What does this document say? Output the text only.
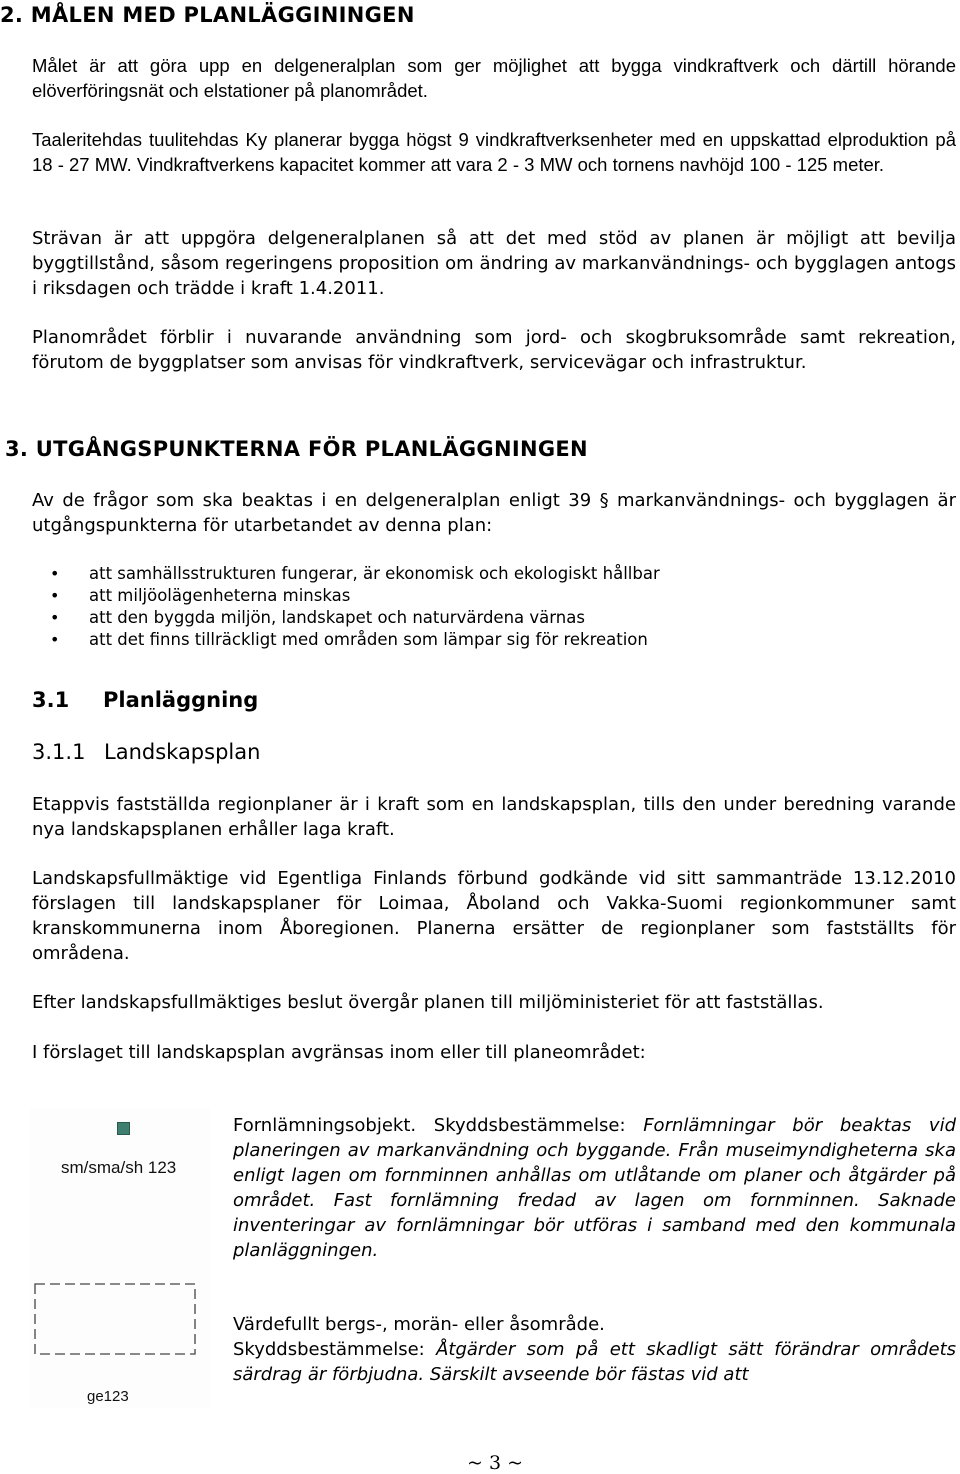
2. MÅLEN MED PLANLÄGGININGEN
Målet är att göra upp en delgeneralplan som ger möjlighet att bygga vindkraftverk och därtill hörande elöverföringsnät och elstationer på planområdet.
Taaleritehdas tuulitehdas Ky planerar bygga högst 9 vindkraftverksenheter med en uppskattad elproduktion på 18 - 27 MW. Vindkraftverkens kapacitet kommer att vara 2 - 3 MW och tornens navhöjd 100 - 125 meter.
Strävan är att uppgöra delgeneralplanen så att det med stöd av planen är möjligt att bevilja byggtillstånd, såsom regeringens proposition om ändring av markanvändnings- och bygglagen antogs i riksdagen och trädde i kraft 1.4.2011.
Planområdet förblir i nuvarande användning som jord- och skogbruksområde samt rekreation, förutom de byggplatser som anvisas för vindkraftverk, servicevägar och infrastruktur.
3. UTGÅNGSPUNKTERNA FÖR PLANLÄGGNINGEN
Av de frågor som ska beaktas i en delgeneralplan enligt 39 § markanvändnings- och bygglagen är utgångspunkterna för utarbetandet av denna plan:
• att samhällsstrukturen fungerar, är ekonomisk och ekologiskt hållbar
• att miljöolägenheterna minskas
• att den byggda miljön, landskapet och naturvärdena värnas
• att det finns tillräckligt med områden som lämpar sig för rekreation
3.1 Planläggning
3.1.1 Landskapsplan
Etappvis fastställda regionplaner är i kraft som en landskapsplan, tills den under beredning varande nya landskapsplanen erhåller laga kraft.
Landskapsfullmäktige vid Egentliga Finlands förbund godkände vid sitt sammanträde 13.12.2010 förslagen till landskapsplaner för Loimaa, Åboland och Vakka-Suomi regionkommuner samt kranskommunerna inom Åboregionen. Planerna ersätter de regionplaner som fastställts för områdena.
Efter landskapsfullmäktiges beslut övergår planen till miljöministeriet för att fastställas.
I förslaget till landskapsplan avgränsas inom eller till planeområdet:
sm/sma/sh 123
ge123
Fornlämningsobjekt. Skyddsbestämmelse: Fornlämningar bör beaktas vid planeringen av markanvändning och byggande. Från museimyndigheterna ska enligt lagen om fornminnen anhållas om utlåtande om planer och åtgärder på området. Fast fornlämning fredad av lagen om fornminnen. Saknade inventeringar av fornlämningar bör utföras i samband med den kommunala planläggningen.
Värdefullt bergs-, morän- eller åsområde.
Skyddsbestämmelse: Åtgärder som på ett skadligt sätt förändrar områdets särdrag är förbjudna. Särskilt avseende bör fästas vid att
~ 3 ~
